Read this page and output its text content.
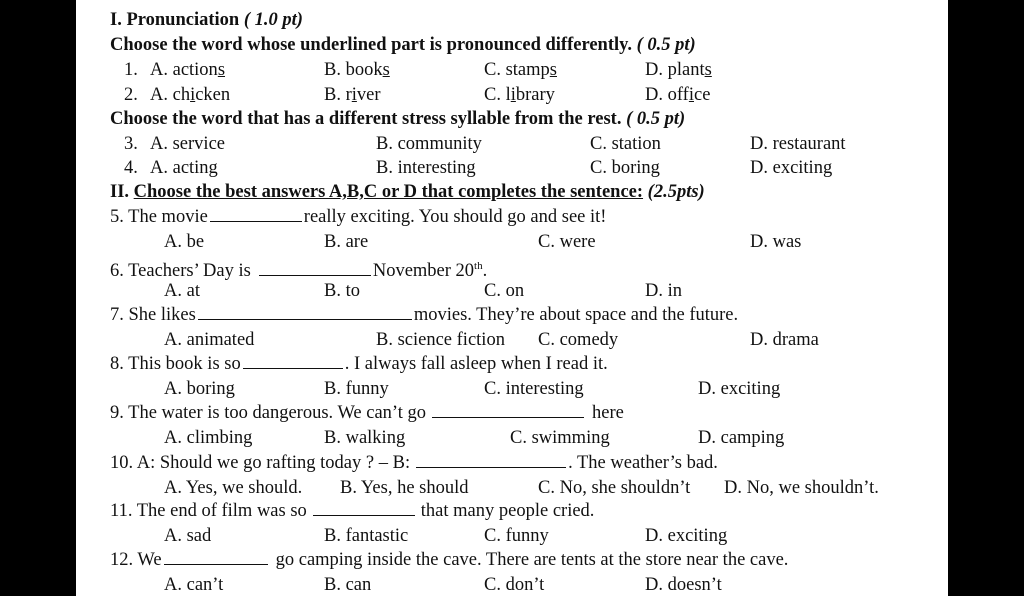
I. Pronunciation ( 1.0 pt)
Choose the word whose underlined part is pronounced differently. ( 0.5 pt)
1. A. actions	B. books	C. stamps	D. plants
2. A. chicken	B. river	C. library	D. office
Choose the word that has a different stress syllable from the rest. ( 0.5 pt)
3. A. service	B. community	C. station	D. restaurant
4. A. acting	B. interesting	C. boring	D. exciting
II. Choose the best answers A,B,C or D that completes the sentence: (2.5pts)
5. The movie	really exciting. You should go and see it!
A. be	B. are	C. were	D. was
6. Teachers’ Day is	November 20th.
A. at	B. to	C. on	D. in
7. She likes	movies. They’re about space and the future.
A. animated	B. science fiction C. comedy	D. drama
8. This book is so	. I always fall asleep when I read it.
A. boring	B. funny	C. interesting	D. exciting
9. The water is too dangerous. We can’t go	here
A. climbing	B. walking	C. swimming	D. camping
10. A: Should we go rafting today ? – B:	. The weather’s bad.
A. Yes, we should. B. Yes, he should	C. No, she shouldn’t D. No, we shouldn’t.
11. The end of film was so	that many people cried.
A. sad	B. fantastic	C. funny	D. exciting
12. We	go camping inside the cave. There are tents at the store near the cave.
A. can’t	B. can	C. don’t	D. doesn’t
